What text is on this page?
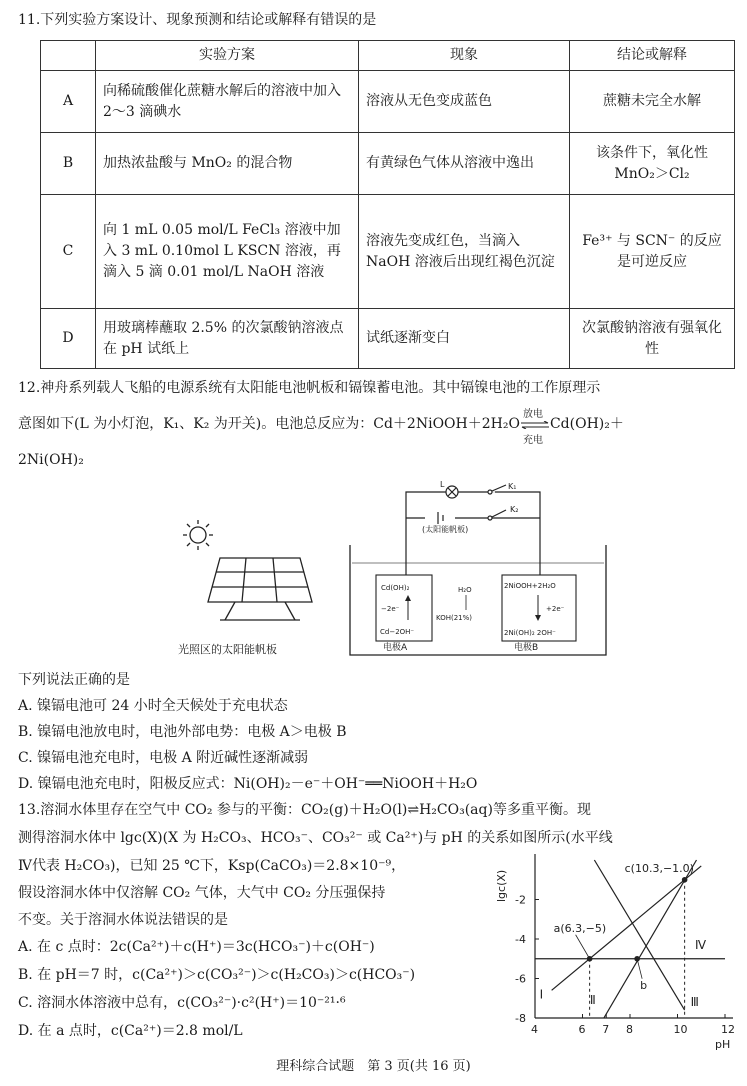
11.下列实验方案设计、现象预测和结论或解释有错误的是
	实验方案	现象	结论或解释
A	向稀硫酸催化蔗糖水解后的溶液中加入 2～3 滴碘水	溶液从无色变成蓝色	蔗糖未完全水解
B	加热浓盐酸与 MnO₂ 的混合物	有黄绿色气体从溶液中逸出	该条件下，氧化性 MnO₂＞Cl₂
C	向 1 mL 0.05 mol/L FeCl₃ 溶液中加入 3 mL 0.10mol L KSCN 溶液，再滴入 5 滴 0.01 mol/L NaOH 溶液	溶液先变成红色，当滴入 NaOH 溶液后出现红褐色沉淀	Fe³⁺ 与 SCN⁻ 的反应是可逆反应
D	用玻璃棒蘸取 2.5% 的次氯酸钠溶液点在 pH 试纸上	试纸逐渐变白	次氯酸钠溶液有强氧化性
12.神舟系列载人飞船的电源系统有太阳能电池帆板和镉镍蓄电池。其中镉镍电池的工作原理示
意图如下(L 为小灯泡，K₁、K₂ 为开关)。电池总反应为：Cd＋2NiOOH＋2H₂O
放电
充电
Cd(OH)₂＋
2Ni(OH)₂
光照区的太阳能帆板
L	K₁
K₂
(太阳能帆板)
Cd(OH)₂
−2e⁻
Cd−2OH⁻
电极A
2NiOOH+2H₂O
+2e⁻
2Ni(OH)₂ 2OH⁻
电极B
H₂O
KOH(21%)
下列说法正确的是
A. 镍镉电池可 24 小时全天候处于充电状态
B. 镍镉电池放电时，电池外部电势：电极 A＞电极 B
C. 镍镉电池充电时，电极 A 附近碱性逐渐减弱
D. 镍镉电池充电时，阳极反应式：Ni(OH)₂－e⁻＋OH⁻══NiOOH＋H₂O
13.溶洞水体里存在空气中 CO₂ 参与的平衡：CO₂(g)＋H₂O(l)⇌H₂CO₃(aq)等多重平衡。现
测得溶洞水体中 lgc(X)(X 为 H₂CO₃、HCO₃⁻、CO₃²⁻ 或 Ca²⁺)与 pH 的关系如图所示(水平线
Ⅳ代表 H₂CO₃)，已知 25 ℃下，Ksp(CaCO₃)＝2.8×10⁻⁹，
假设溶洞水体中仅溶解 CO₂ 气体，大气中 CO₂ 分压强保持
不变。关于溶洞水体说法错误的是
A. 在 c 点时：2c(Ca²⁺)＋c(H⁺)＝3c(HCO₃⁻)＋c(OH⁻)
B. 在 pH＝7 时，c(Ca²⁺)＞c(CO₃²⁻)＞c(H₂CO₃)＞c(HCO₃⁻)
C. 溶洞水体溶液中总有，c(CO₃²⁻)·c²(H⁺)＝10⁻²¹·⁶
D. 在 a 点时，c(Ca²⁺)＝2.8 mol/L	4	6 7 8	10	12
pH
-2
-4
-6
-8
lgc(X)
Ⅰ	Ⅱ	Ⅲ
Ⅳ
a(6.3,−5)
c(10.3,−1.0)
b
理科综合试题　第 3 页(共 16 页)
